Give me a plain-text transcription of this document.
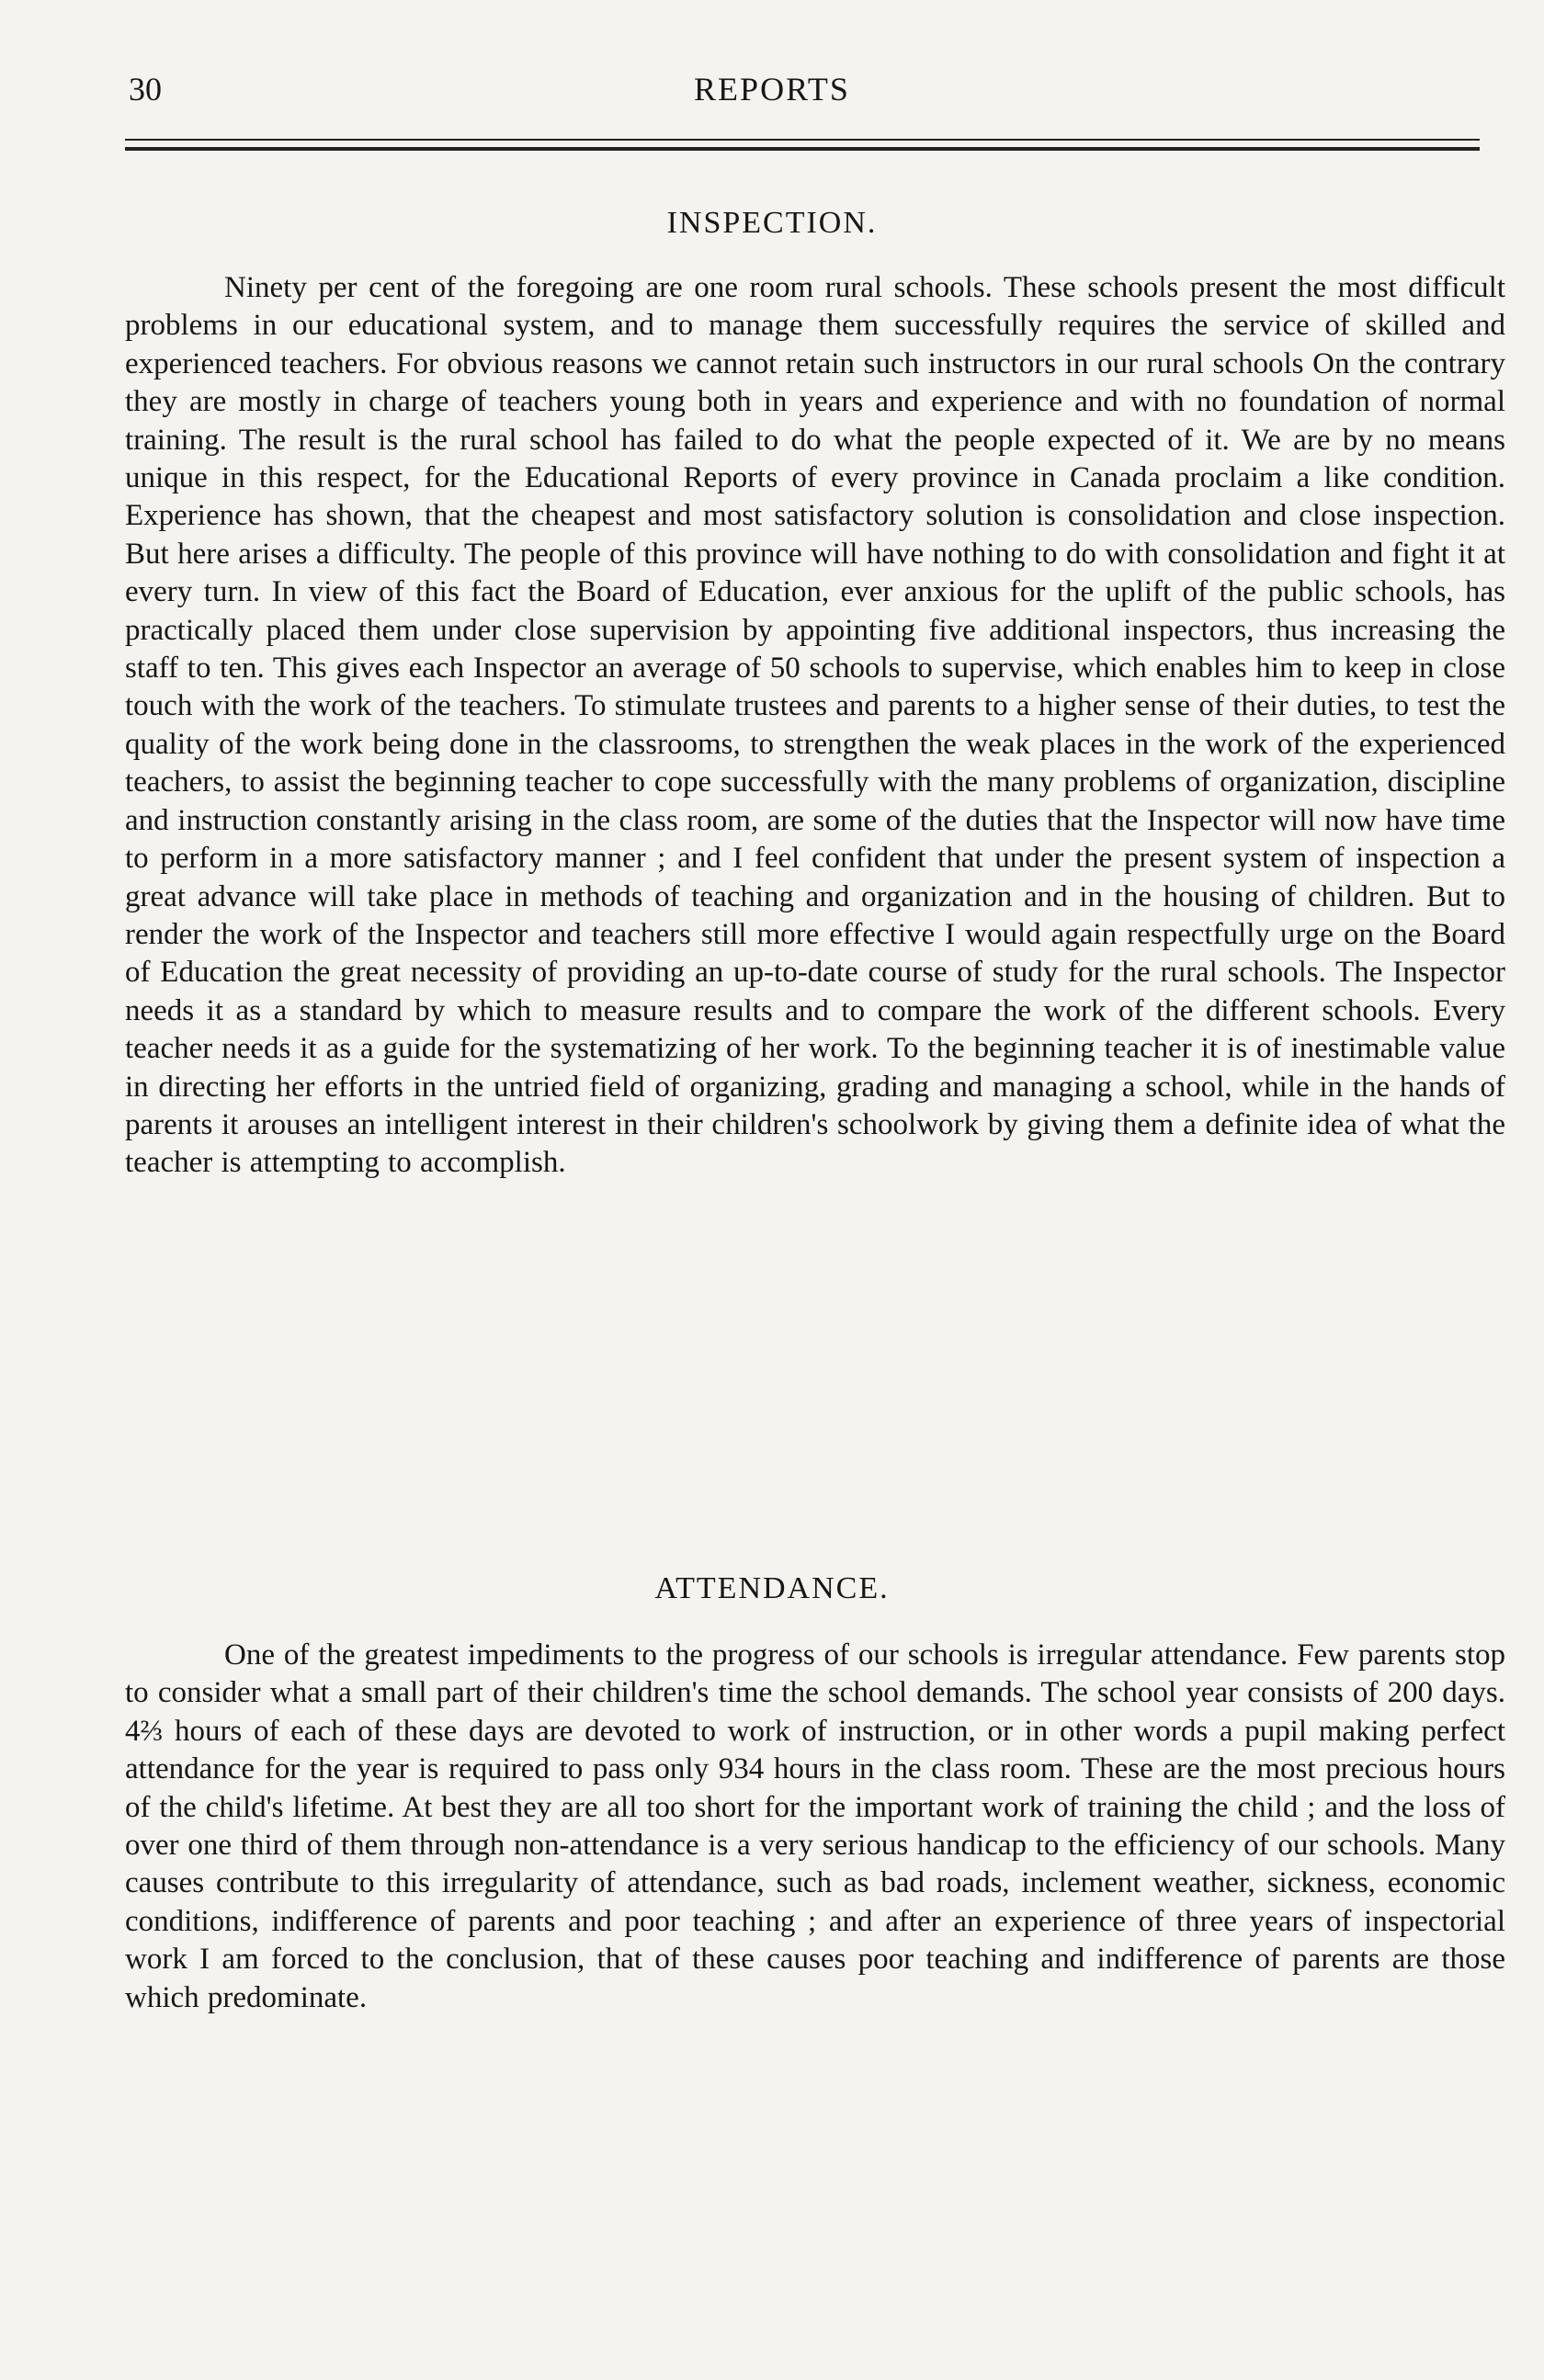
30	REPORTS
INSPECTION.

Ninety per cent of the foregoing are one room rural schools. These schools present the most difficult problems in our educational system, and to manage them successfully requires the service of skilled and experienced teachers. For obvious reasons we cannot retain such instructors in our rural schools On the contrary they are mostly in charge of teachers young both in years and experience and with no foundation of normal training. The result is the rural school has failed to do what the people expected of it. We are by no means unique in this respect, for the Educational Reports of every province in Canada proclaim a like condition. Experience has shown, that the cheapest and most satisfactory solution is consolidation and close inspection. But here arises a difficulty. The people of this province will have nothing to do with consolidation and fight it at every turn. In view of this fact the Board of Education, ever anxious for the uplift of the public schools, has practically placed them under close supervision by appointing five additional inspectors, thus increasing the staff to ten. This gives each Inspector an average of 50 schools to supervise, which enables him to keep in close touch with the work of the teachers. To stimulate trustees and parents to a higher sense of their duties, to test the quality of the work being done in the classrooms, to strengthen the weak places in the work of the experienced teachers, to assist the beginning teacher to cope successfully with the many problems of organization, discipline and instruction constantly arising in the class room, are some of the duties that the Inspector will now have time to perform in a more satisfactory manner ; and I feel confident that under the present system of inspection a great advance will take place in methods of teaching and organization and in the housing of children. But to render the work of the Inspector and teachers still more effective I would again respectfully urge on the Board of Education the great necessity of providing an up-to-date course of study for the rural schools. The Inspector needs it as a standard by which to measure results and to compare the work of the different schools. Every teacher needs it as a guide for the systematizing of her work. To the beginning teacher it is of inestimable value in directing her efforts in the untried field of organizing, grading and managing a school, while in the hands of parents it arouses an intelligent interest in their children's schoolwork by giving them a definite idea of what the teacher is attempting to accomplish.

ATTENDANCE.

One of the greatest impediments to the progress of our schools is irregular attendance. Few parents stop to consider what a small part of their children's time the school demands. The school year consists of 200 days. 4⅔ hours of each of these days are devoted to work of instruction, or in other words a pupil making perfect attendance for the year is required to pass only 934 hours in the class room. These are the most precious hours of the child's lifetime. At best they are all too short for the important work of training the child ; and the loss of over one third of them through non-attendance is a very serious handicap to the efficiency of our schools. Many causes contribute to this irregularity of attendance, such as bad roads, inclement weather, sickness, economic conditions, indifference of parents and poor teaching ; and after an experience of three years of inspectorial work I am forced to the conclusion, that of these causes poor teaching and indifference of parents are those which predominate.
